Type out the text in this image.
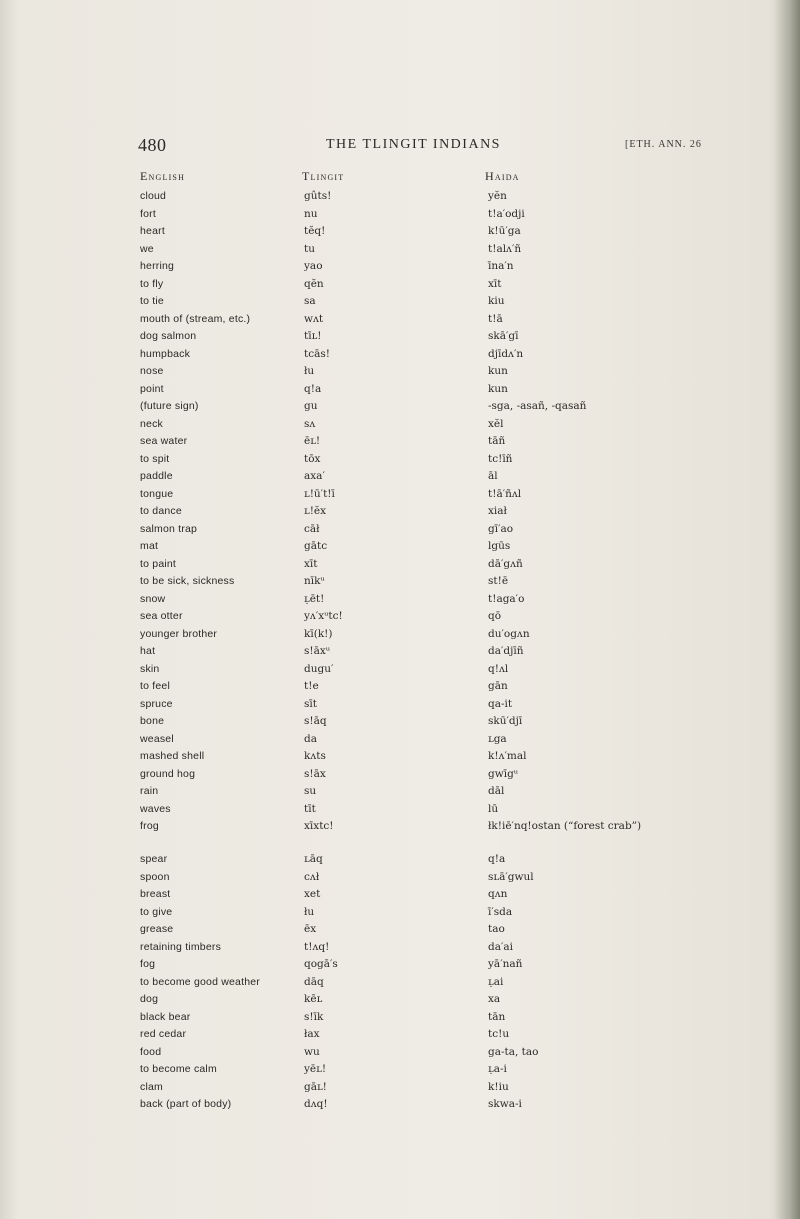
480	THE TLINGIT INDIANS	[ETH. ANN. 26
English	Tlingit	Haida
cloud	gûts!	yĕn
fort	nu	t!a′odji
heart	tĕq!	k!ū′ga
we	tu	t!alʌ′ñ
herring	yao	īna′n
to fly	qĕn	xīt
to tie	sa	kiu
mouth of (stream, etc.)	wʌt	t!ā
dog salmon	tīʟ!	skā′gī
humpback	tcās!	djīdʌ′n
nose	łu	kun
point	q!a	kun
(future sign)	gu	-sga, -asañ, -qasañ
neck	sʌ	xĕl
sea water	ēʟ!	tāñ
to spit	tōx	tc!īñ
paddle	axa′	āl
tongue	ʟ!ū′t!ī	t!ā′ñʌl
to dance	ʟ!ĕx	xiał
salmon trap	cāł	gī′ao
mat	gātc	lgūs
to paint	xīt	dā′gʌñ
to be sick, sickness	nīkᵘ	st!ē
snow	ʟ̣ēt!	t!aga′o
sea otter	yʌ′xᵘtc!	qō
younger brother	kī(k!)	du′ogʌn
hat	s!āxᵘ	da′djīñ
skin	dugu′	q!ʌl
to feel	t!e	gān
spruce	sīt	qa-it
bone	s!āq	skū′djī
weasel	da	ʟga
mashed shell	kʌts	k!ʌ′mal
ground hog	s!āx	gwīgᵘ
rain	su	dāl
waves	tīt	lū
frog	xīxtc!	łk!iē′nq!ostan (“forest crab”)
spear	ʟāq	q!a
spoon	cʌł	sʟā′gwul
breast	xet	qʌn
to give	łu	ī′sda
grease	ēx	tao
retaining timbers	t!ʌq!	da′ai
fog	qogā′s	yā′nañ
to become good weather	dāq	ʟ̣ai
dog	kēʟ	xa
black bear	s!īk	tān
red cedar	łax	tc!u
food	wu	ga-ta, tao
to become calm	yēʟ!	ʟ̣a-i
clam	gāʟ!	k!iu
back (part of body)	dʌq!	skwa-i
